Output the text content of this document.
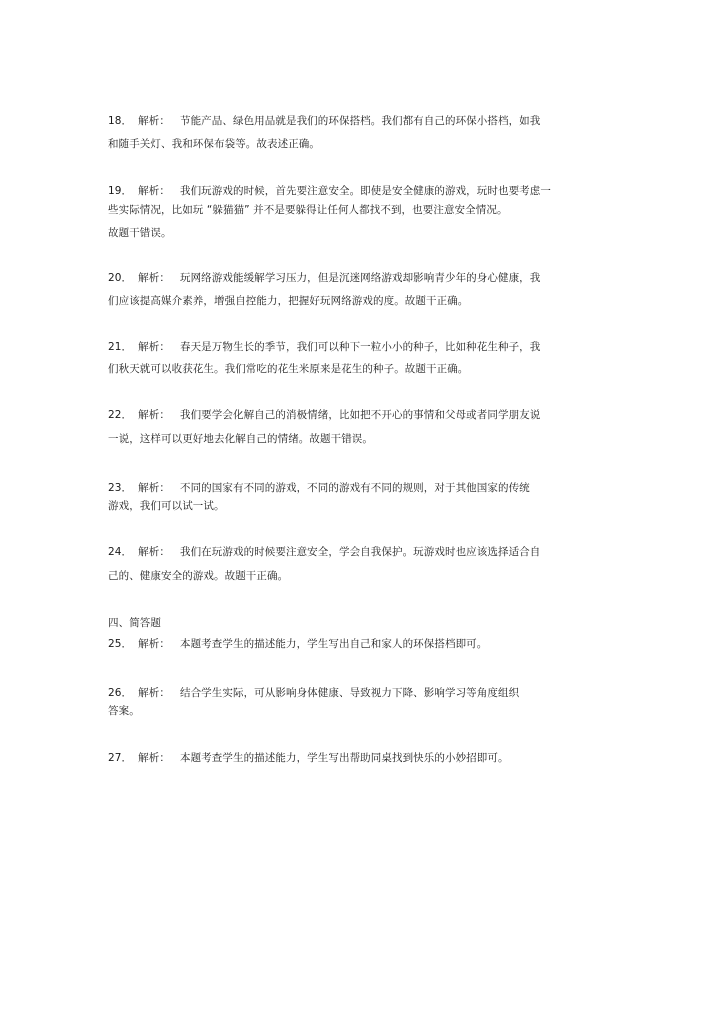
18． 解析： 节能产品、绿色用品就是我们的环保搭档。我们都有自己的环保小搭档，如我
和随手关灯、我和环保布袋等。故表述正确。
19． 解析： 我们玩游戏的时候，首先要注意安全。即使是安全健康的游戏，玩时也要考虑一
些实际情况，比如玩 “躲猫猫” 并不是要躲得让任何人都找不到，也要注意安全情况。
故题干错误。
20． 解析： 玩网络游戏能缓解学习压力，但是沉迷网络游戏却影响青少年的身心健康，我
们应该提高媒介素养，增强自控能力，把握好玩网络游戏的度。故题干正确。
21． 解析： 春天是万物生长的季节，我们可以种下一粒小小的种子，比如种花生种子，我
们秋天就可以收获花生。我们常吃的花生米原来是花生的种子。故题干正确。
22． 解析： 我们要学会化解自己的消极情绪，比如把不开心的事情和父母或者同学朋友说
一说，这样可以更好地去化解自己的情绪。故题干错误。
23． 解析： 不同的国家有不同的游戏，不同的游戏有不同的规则，对于其他国家的传统
游戏，我们可以试一试。
24． 解析： 我们在玩游戏的时候要注意安全，学会自我保护。玩游戏时也应该选择适合自
己的、健康安全的游戏。故题干正确。
四、简答题
25． 解析： 本题考查学生的描述能力，学生写出自己和家人的环保搭档即可。
26． 解析： 结合学生实际，可从影响身体健康、导致视力下降、影响学习等角度组织
答案。
27． 解析： 本题考查学生的描述能力，学生写出帮助同桌找到快乐的小妙招即可。
